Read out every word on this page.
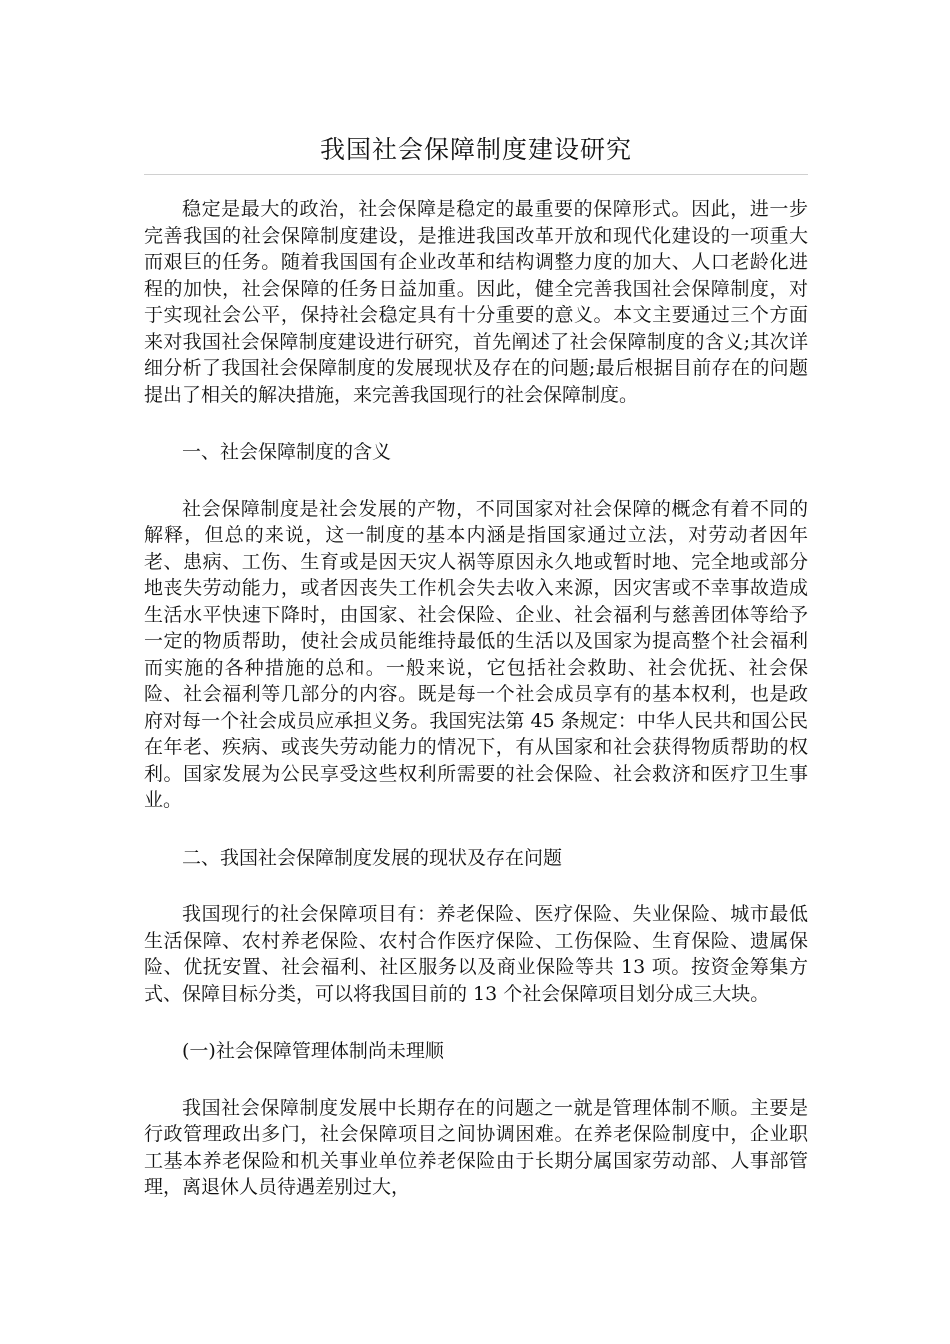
我国社会保障制度建设研究

稳定是最大的政治，社会保障是稳定的最重要的保障形式。因此，进一步完善我国的社会保障制度建设，是推进我国改革开放和现代化建设的一项重大而艰巨的任务。随着我国国有企业改革和结构调整力度的加大、人口老龄化进程的加快，社会保障的任务日益加重。因此，健全完善我国社会保障制度，对于实现社会公平，保持社会稳定具有十分重要的意义。本文主要通过三个方面来对我国社会保障制度建设进行研究，首先阐述了社会保障制度的含义;其次详细分析了我国社会保障制度的发展现状及存在的问题;最后根据目前存在的问题提出了相关的解决措施，来完善我国现行的社会保障制度。

一、社会保障制度的含义

社会保障制度是社会发展的产物，不同国家对社会保障的概念有着不同的解释，但总的来说，这一制度的基本内涵是指国家通过立法，对劳动者因年老、患病、工伤、生育或是因天灾人祸等原因永久地或暂时地、完全地或部分地丧失劳动能力，或者因丧失工作机会失去收入来源，因灾害或不幸事故造成生活水平快速下降时，由国家、社会保险、企业、社会福利与慈善团体等给予一定的物质帮助，使社会成员能维持最低的生活以及国家为提高整个社会福利而实施的各种措施的总和。一般来说，它包括社会救助、社会优抚、社会保险、社会福利等几部分的内容。既是每一个社会成员享有的基本权利，也是政府对每一个社会成员应承担义务。我国宪法第 45 条规定：中华人民共和国公民在年老、疾病、或丧失劳动能力的情况下，有从国家和社会获得物质帮助的权利。国家发展为公民享受这些权利所需要的社会保险、社会救济和医疗卫生事业。

二、我国社会保障制度发展的现状及存在问题

我国现行的社会保障项目有：养老保险、医疗保险、失业保险、城市最低生活保障、农村养老保险、农村合作医疗保险、工伤保险、生育保险、遗属保险、优抚安置、社会福利、社区服务以及商业保险等共 13 项。按资金筹集方式、保障目标分类，可以将我国目前的 13 个社会保障项目划分成三大块。

(一)社会保障管理体制尚未理顺

我国社会保障制度发展中长期存在的问题之一就是管理体制不顺。主要是行政管理政出多门，社会保障项目之间协调困难。在养老保险制度中，企业职工基本养老保险和机关事业单位养老保险由于长期分属国家劳动部、人事部管理，离退休人员待遇差别过大，
